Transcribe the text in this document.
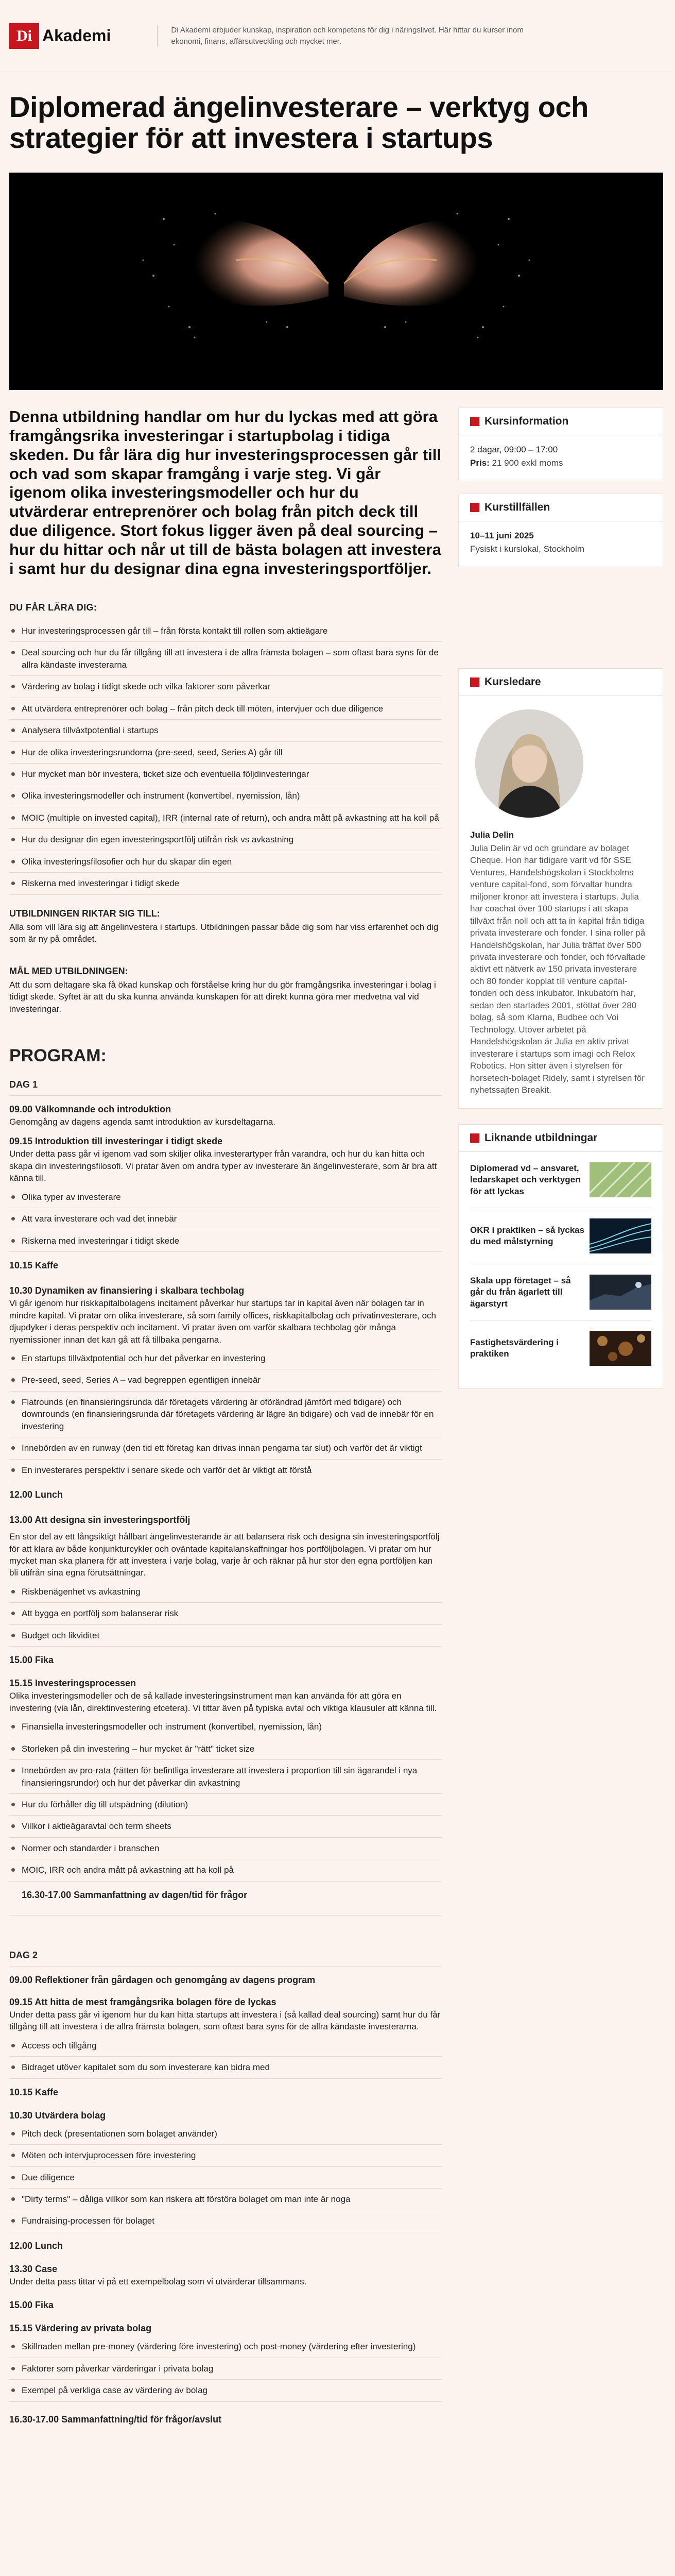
Di Akademi	Di Akademi erbjuder kunskap, inspiration och kompetens för dig i näringslivet. Här hittar du kurser inom ekonomi, finans, affärsutveckling och mycket mer.
Diplomerad ängelinvesterare – verktyg och strategier för att investera i startups

Denna utbildning handlar om hur du lyckas med att göra framgångsrika investeringar i startupbolag i tidiga skeden. Du får lära dig hur investeringsprocessen går till och vad som skapar framgång i varje steg. Vi går igenom olika investeringsmodeller och hur du utvärderar entreprenörer och bolag från pitch deck till due diligence. Stort fokus ligger även på deal sourcing – hur du hittar och når ut till de bästa bolagen att investera i samt hur du designar dina egna investeringsportföljer.

DU FÅR LÄRA DIG:
Hur investeringsprocessen går till – från första kontakt till rollen som aktieägare
Deal sourcing och hur du får tillgång till att investera i de allra främsta bolagen – som oftast bara syns för de allra kändaste investerarna
Värdering av bolag i tidigt skede och vilka faktorer som påverkar
Att utvärdera entreprenörer och bolag – från pitch deck till möten, intervjuer och due diligence
Analysera tillväxtpotential i startups
Hur de olika investeringsrundorna (pre-seed, seed, Series A) går till
Hur mycket man bör investera, ticket size och eventuella följdinvesteringar
Olika investeringsmodeller och instrument (konvertibel, nyemission, lån)
MOIC (multiple on invested capital), IRR (internal rate of return), och andra mått på avkastning att ha koll på
Hur du designar din egen investeringsportfölj utifrån risk vs avkastning
Olika investeringsfilosofier och hur du skapar din egen
Riskerna med investeringar i tidigt skede
UTBILDNINGEN RIKTAR SIG TILL:

Alla som vill lära sig att ängelinvestera i startups. Utbildningen passar både dig som har viss erfarenhet och dig som är ny på området.

MÅL MED UTBILDNINGEN:

Att du som deltagare ska få ökad kunskap och förståelse kring hur du gör framgångsrika investeringar i bolag i tidigt skede. Syftet är att du ska kunna använda kunskapen för att direkt kunna göra mer medvetna val vid investeringar.

PROGRAM:
DAG 1
09.00 Välkomnande och introduktion

Genomgång av dagens agenda samt introduktion av kursdeltagarna.

09.15 Introduktion till investeringar i tidigt skede

Under detta pass går vi igenom vad som skiljer olika investerartyper från varandra, och hur du kan hitta och skapa din investeringsfilosofi. Vi pratar även om andra typer av investerare än ängelinvesterare, som är bra att känna till.

Olika typer av investerare
Att vara investerare och vad det innebär
Riskerna med investeringar i tidigt skede
10.15 Kaffe
10.30 Dynamiken av finansiering i skalbara techbolag

Vi går igenom hur riskkapitalbolagens incitament påverkar hur startups tar in kapital även när bolagen tar in mindre kapital. Vi pratar om olika investerare, så som family offices, riskkapitalbolag och privatinvesterare, och djupdyker i deras perspektiv och incitament. Vi pratar även om varför skalbara techbolag gör många nyemissioner innan det kan gå att få tillbaka pengarna.

En startups tillväxtpotential och hur det påverkar en investering
Pre-seed, seed, Series A – vad begreppen egentligen innebär
Flatrounds (en finansieringsrunda där företagets värdering är oförändrad jämfört med tidigare) och downrounds (en finansieringsrunda där företagets värdering är lägre än tidigare) och vad de innebär för en investering
Innebörden av en runway (den tid ett företag kan drivas innan pengarna tar slut) och varför det är viktigt
En investerares perspektiv i senare skede och varför det är viktigt att förstå
12.00 Lunch
13.00 Att designa sin investeringsportfölj

En stor del av ett långsiktigt hållbart ängelinvesterande är att balansera risk och designa sin investeringsportfölj för att klara av både konjunkturcykler och oväntade kapitalanskaffningar hos portföljbolagen. Vi pratar om hur mycket man ska planera för att investera i varje bolag, varje år och räknar på hur stor den egna portföljen kan bli utifrån sina egna förutsättningar.

Riskbenägenhet vs avkastning
Att bygga en portfölj som balanserar risk
Budget och likviditet
15.00 Fika
15.15 Investeringsprocessen

Olika investeringsmodeller och de så kallade investeringsinstrument man kan använda för att göra en investering (via lån, direktinvestering etcetera). Vi tittar även på typiska avtal och viktiga klausuler att känna till.

Finansiella investeringsmodeller och instrument (konvertibel, nyemission, lån)
Storleken på din investering – hur mycket är "rätt" ticket size
Innebörden av pro-rata (rätten för befintliga investerare att investera i proportion till sin ägarandel i nya finansieringsrundor) och hur det påverkar din avkastning
Hur du förhåller dig till utspädning (dilution)
Villkor i aktieägaravtal och term sheets
Normer och standarder i branschen
MOIC, IRR och andra mått på avkastning att ha koll på
16.30-17.00 Sammanfattning av dagen/tid för frågor
DAG 2
09.00 Reflektioner från gårdagen och genomgång av dagens program
09.15 Att hitta de mest framgångsrika bolagen före de lyckas

Under detta pass går vi igenom hur du kan hitta startups att investera i (så kallad deal sourcing) samt hur du får tillgång till att investera i de allra främsta bolagen, som oftast bara syns för de allra kändaste investerarna.

Access och tillgång
Bidraget utöver kapitalet som du som investerare kan bidra med
10.15 Kaffe
10.30 Utvärdera bolag
Pitch deck (presentationen som bolaget använder)
Möten och intervjuprocessen före investering
Due diligence
"Dirty terms" – dåliga villkor som kan riskera att förstöra bolaget om man inte är noga
Fundraising-processen för bolaget
12.00 Lunch
13.30 Case

Under detta pass tittar vi på ett exempelbolag som vi utvärderar tillsammans.

15.00 Fika
15.15 Värdering av privata bolag
Skillnaden mellan pre-money (värdering före investering) och post-money (värdering efter investering)
Faktorer som påverkar värderingar i privata bolag
Exempel på verkliga case av värdering av bolag
16.30-17.00 Sammanfattning/tid för frågor/avslut
Kursinformation
2 dagar, 09:00 – 17:00
Pris: 21 900 exkl moms
Kurstillfällen
10–11 juni 2025
Fysiskt i kurslokal, Stockholm
Kursledare
Julia Delin

Julia Delin är vd och grundare av bolaget Cheque. Hon har tidigare varit vd för SSE Ventures, Handelshögskolan i Stockholms venture capital-fond, som förvaltar hundra miljoner kronor att investera i startups. Julia har coachat över 100 startups i att skapa tillväxt från noll och att ta in kapital från tidiga privata investerare och fonder. I sina roller på Handelshögskolan, har Julia träffat över 500 privata investerare och fonder, och förvaltade aktivt ett nätverk av 150 privata investerare och 80 fonder kopplat till venture capital-fonden och dess inkubator. Inkubatorn har, sedan den startades 2001, stöttat över 280 bolag, så som Klarna, Budbee och Voi Technology. Utöver arbetet på Handelshögskolan är Julia en aktiv privat investerare i startups som imagi och Relox Robotics. Hon sitter även i styrelsen för horsetech-bolaget Ridely, samt i styrelsen för nyhetssajten Breakit.

Liknande utbildningar
Diplomerad vd – ansvaret, ledarskapet och verktygen för att lyckas
OKR i praktiken – så lyckas du med målstyrning
Skala upp företaget – så går du från ägarlett till ägarstyrt
Fastighetsvärdering i praktiken
